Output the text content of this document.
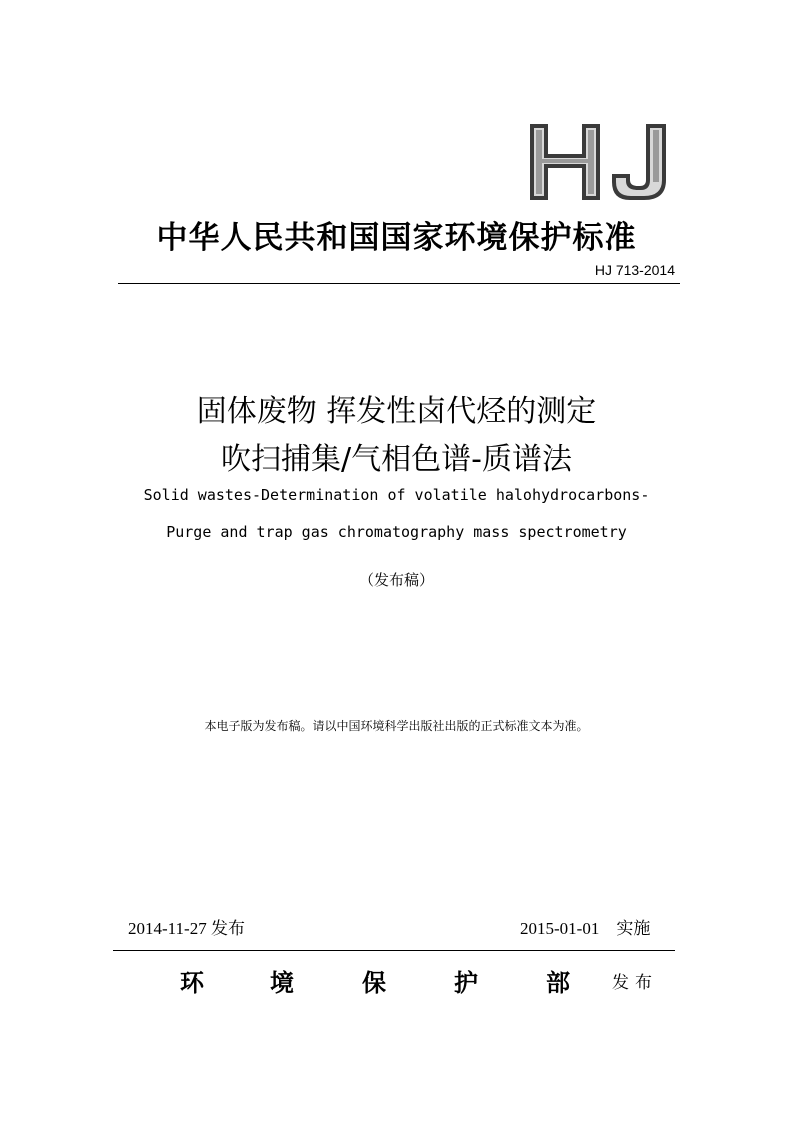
中华人民共和国国家环境保护标准
HJ 713-2014
固体废物 挥发性卤代烃的测定
吹扫捕集/气相色谱-质谱法
Solid wastes-Determination of volatile halohydrocarbons-
Purge and trap gas chromatography mass spectrometry
（发布稿）
本电子版为发布稿。请以中国环境科学出版社出版的正式标准文本为准。
2014-11-27 发布	2015-01-01　实施
环	境	保	护	部 发布
